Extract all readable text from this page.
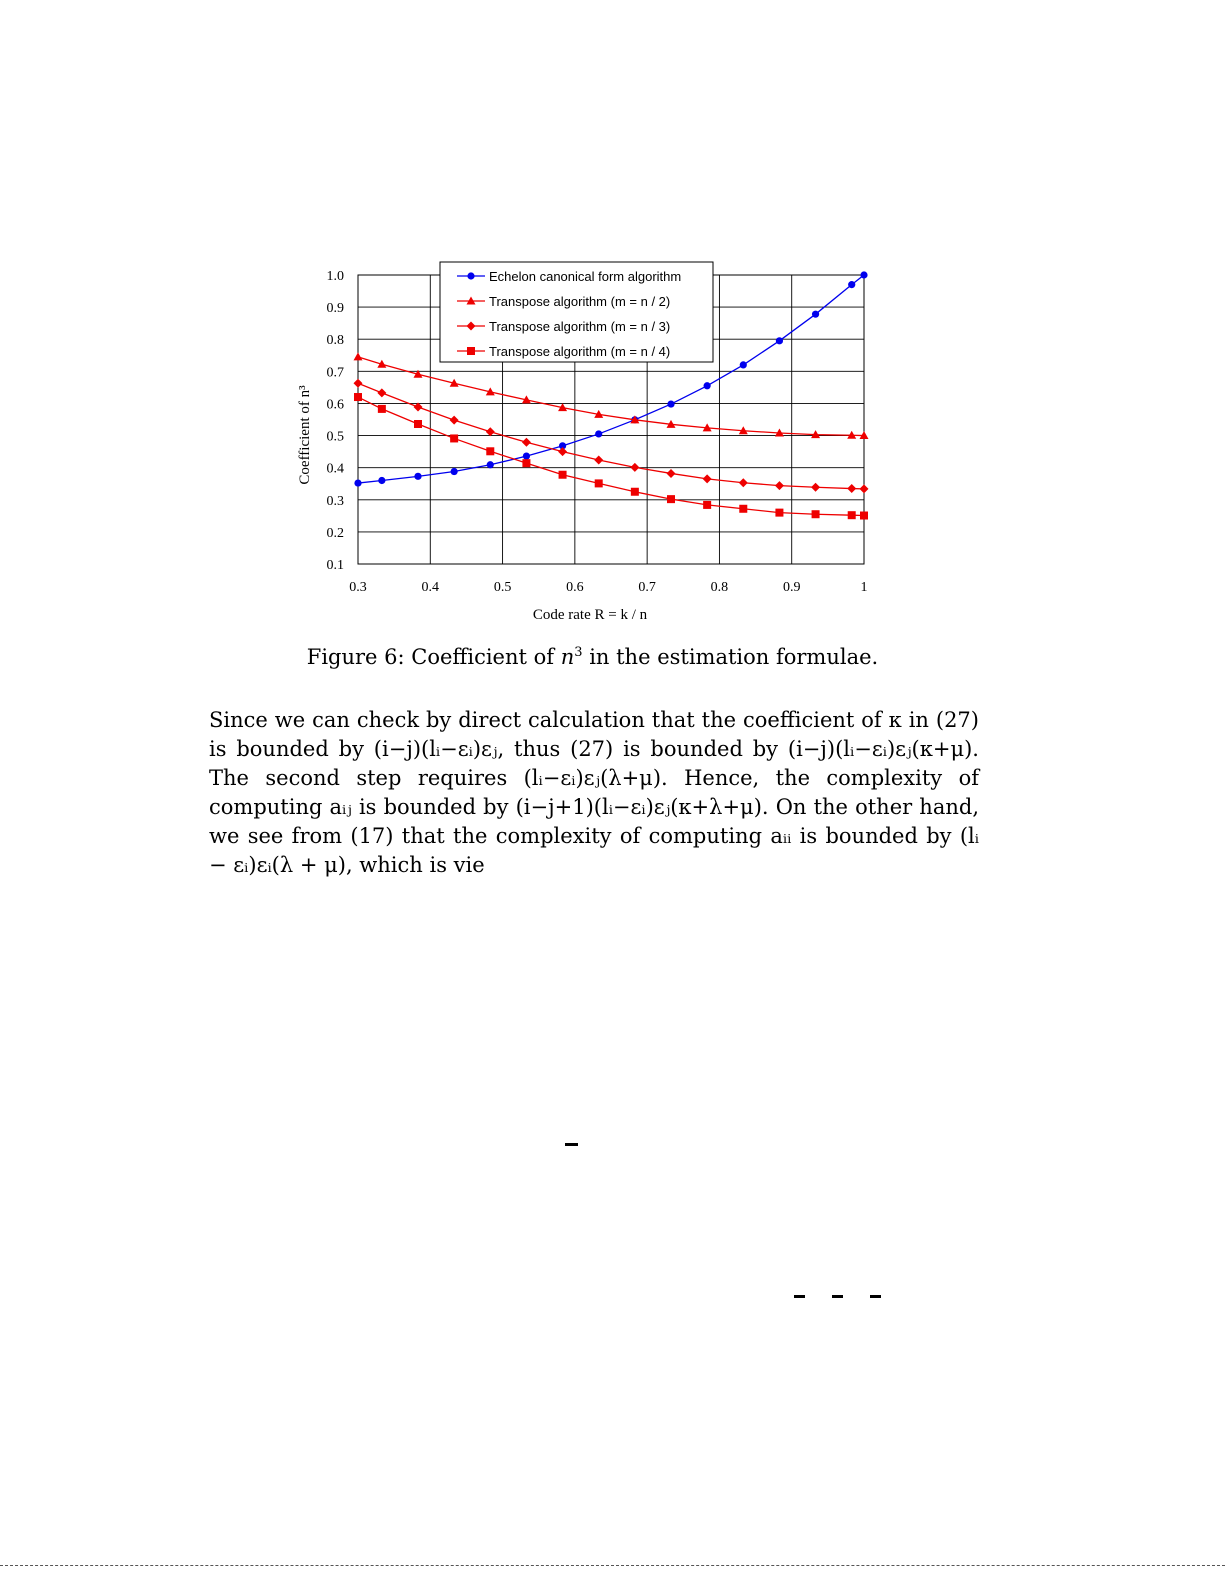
0.1
0.2
0.3
0.4
0.5
0.6
0.7
0.8
0.9
1.0
0.3	0.4	0.5	0.6	0.7	0.8	0.9	1
Code rate R = k / n
Coefficient of n³
Echelon canonical form algorithm
Transpose algorithm (m = n / 2)
Transpose algorithm (m = n / 3)
Transpose algorithm (m = n / 4)
Figure 6: Coefficient of $n^3$ in the estimation formulae.

Since we can check by direct calculation that the coefficient of κ in (27) is bounded by (i−j)(lᵢ−εᵢ)εⱼ, thus (27) is bounded by (i−j)(lᵢ−εᵢ)εⱼ(κ+μ). The second step requires (lᵢ−εᵢ)εⱼ(λ+μ). Hence, the complexity of computing aᵢⱼ is bounded by (i−j+1)(lᵢ−εᵢ)εⱼ(κ+λ+μ). On the other hand, we see from (17) that the complexity of computing aᵢᵢ is bounded by (lᵢ − εᵢ)εᵢ(λ + μ), which is vie
